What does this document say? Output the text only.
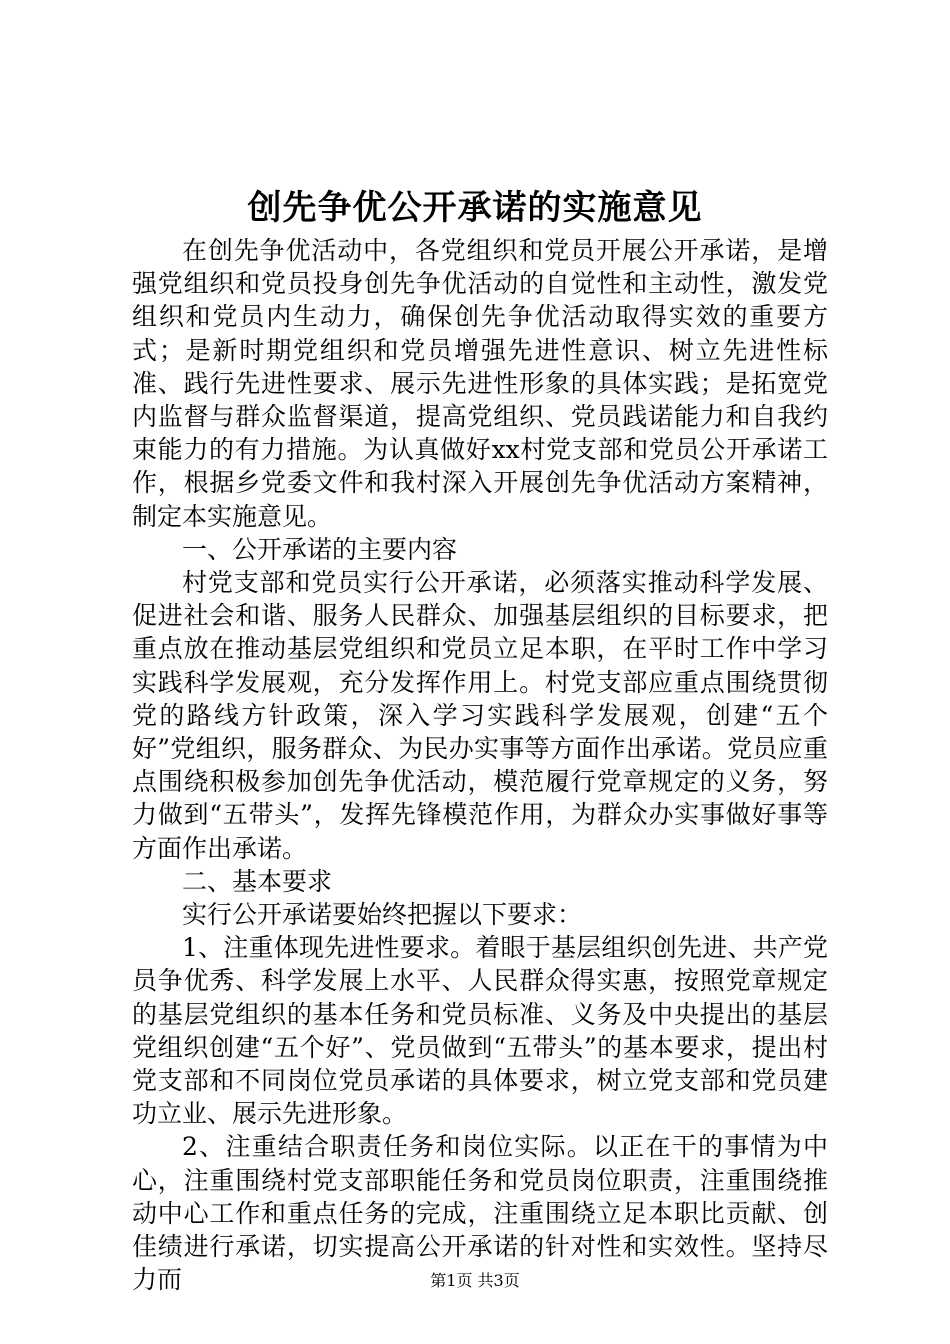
创先争优公开承诺的实施意见

在创先争优活动中，各党组织和党员开展公开承诺，是增强党组织和党员投身创先争优活动的自觉性和主动性，激发党组织和党员内生动力，确保创先争优活动取得实效的重要方式；是新时期党组织和党员增强先进性意识、树立先进性标准、践行先进性要求、展示先进性形象的具体实践；是拓宽党内监督与群众监督渠道，提高党组织、党员践诺能力和自我约束能力的有力措施。为认真做好xx村党支部和党员公开承诺工作，根据乡党委文件和我村深入开展创先争优活动方案精神，制定本实施意见。

一、公开承诺的主要内容

村党支部和党员实行公开承诺，必须落实推动科学发展、促进社会和谐、服务人民群众、加强基层组织的目标要求，把重点放在推动基层党组织和党员立足本职，在平时工作中学习实践科学发展观，充分发挥作用上。村党支部应重点围绕贯彻党的路线方针政策，深入学习实践科学发展观，创建“五个好”党组织，服务群众、为民办实事等方面作出承诺。党员应重点围绕积极参加创先争优活动，模范履行党章规定的义务，努力做到“五带头”，发挥先锋模范作用，为群众办实事做好事等方面作出承诺。

二、基本要求

实行公开承诺要始终把握以下要求：

1、注重体现先进性要求。着眼于基层组织创先进、共产党员争优秀、科学发展上水平、人民群众得实惠，按照党章规定的基层党组织的基本任务和党员标准、义务及中央提出的基层党组织创建“五个好”、党员做到“五带头”的基本要求，提出村党支部和不同岗位党员承诺的具体要求，树立党支部和党员建功立业、展示先进形象。

2、注重结合职责任务和岗位实际。以正在干的事情为中心，注重围绕村党支部职能任务和党员岗位职责，注重围绕推动中心工作和重点任务的完成，注重围绕立足本职比贡献、创佳绩进行承诺，切实提高公开承诺的针对性和实效性。坚持尽力而	第1页 共3页
